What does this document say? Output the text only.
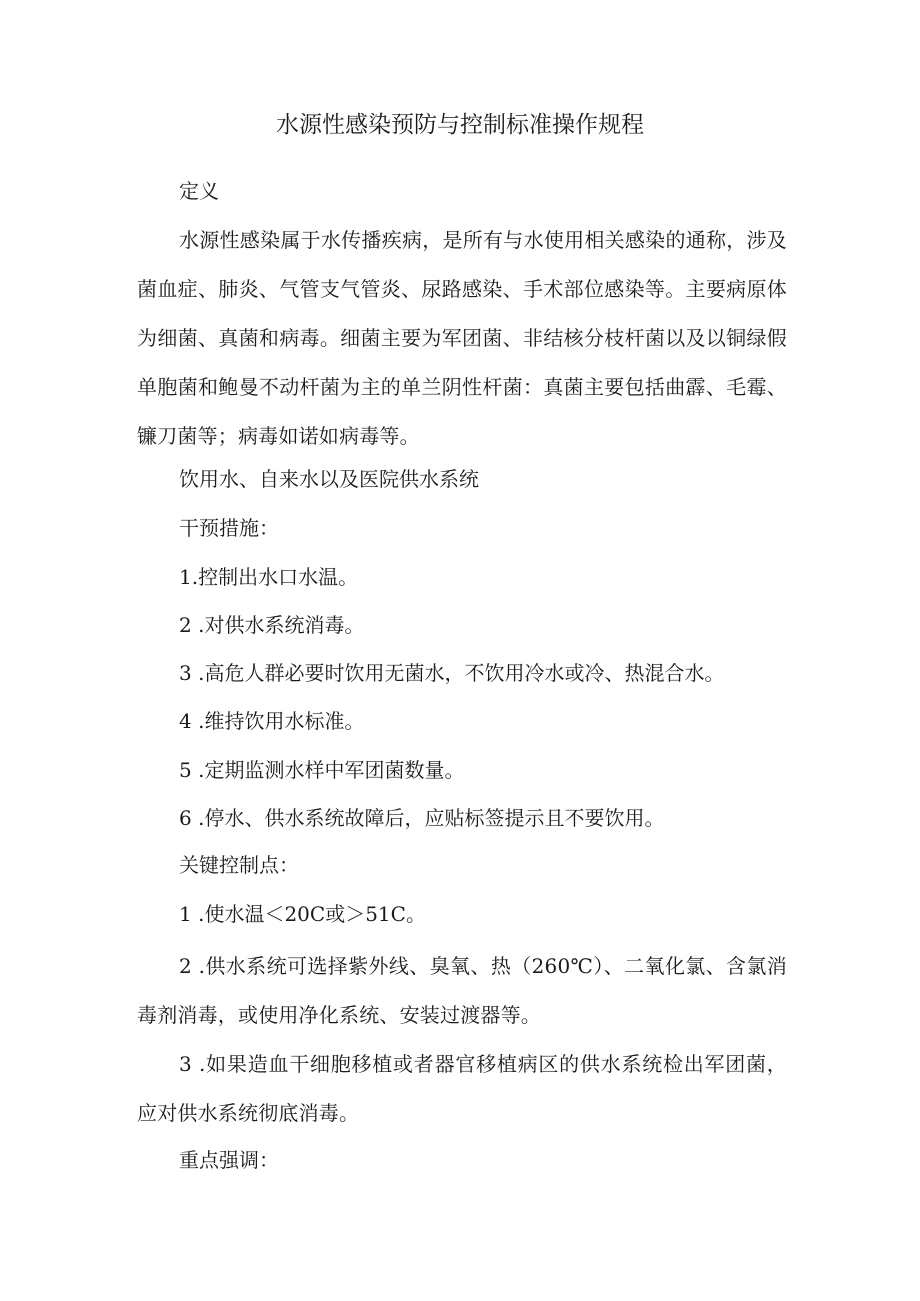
水源性感染预防与控制标准操作规程
定义
水源性感染属于水传播疾病，是所有与水使用相关感染的通称，涉及菌血症、肺炎、气管支气管炎、尿路感染、手术部位感染等。主要病原体为细菌、真菌和病毒。细菌主要为军团菌、非结核分枝杆菌以及以铜绿假单胞菌和鲍曼不动杆菌为主的单兰阴性杆菌：真菌主要包括曲霹、毛霉、镰刀菌等；病毒如诺如病毒等。
饮用水、自来水以及医院供水系统
干预措施：
1.控制出水口水温。
2 .对供水系统消毒。
3 .高危人群必要时饮用无菌水，不饮用冷水或冷、热混合水。
4 .维持饮用水标准。
5 .定期监测水样中军团菌数量。
6 .停水、供水系统故障后，应贴标签提示且不要饮用。
关键控制点：
1 .使水温＜20C或＞51C。
2 .供水系统可选择紫外线、臭氧、热（260℃）、二氧化氯、含氯消毒剂消毒，或使用净化系统、安装过渡器等。
3 .如果造血干细胞移植或者器官移植病区的供水系统检出军团菌，应对供水系统彻底消毒。
重点强调：
